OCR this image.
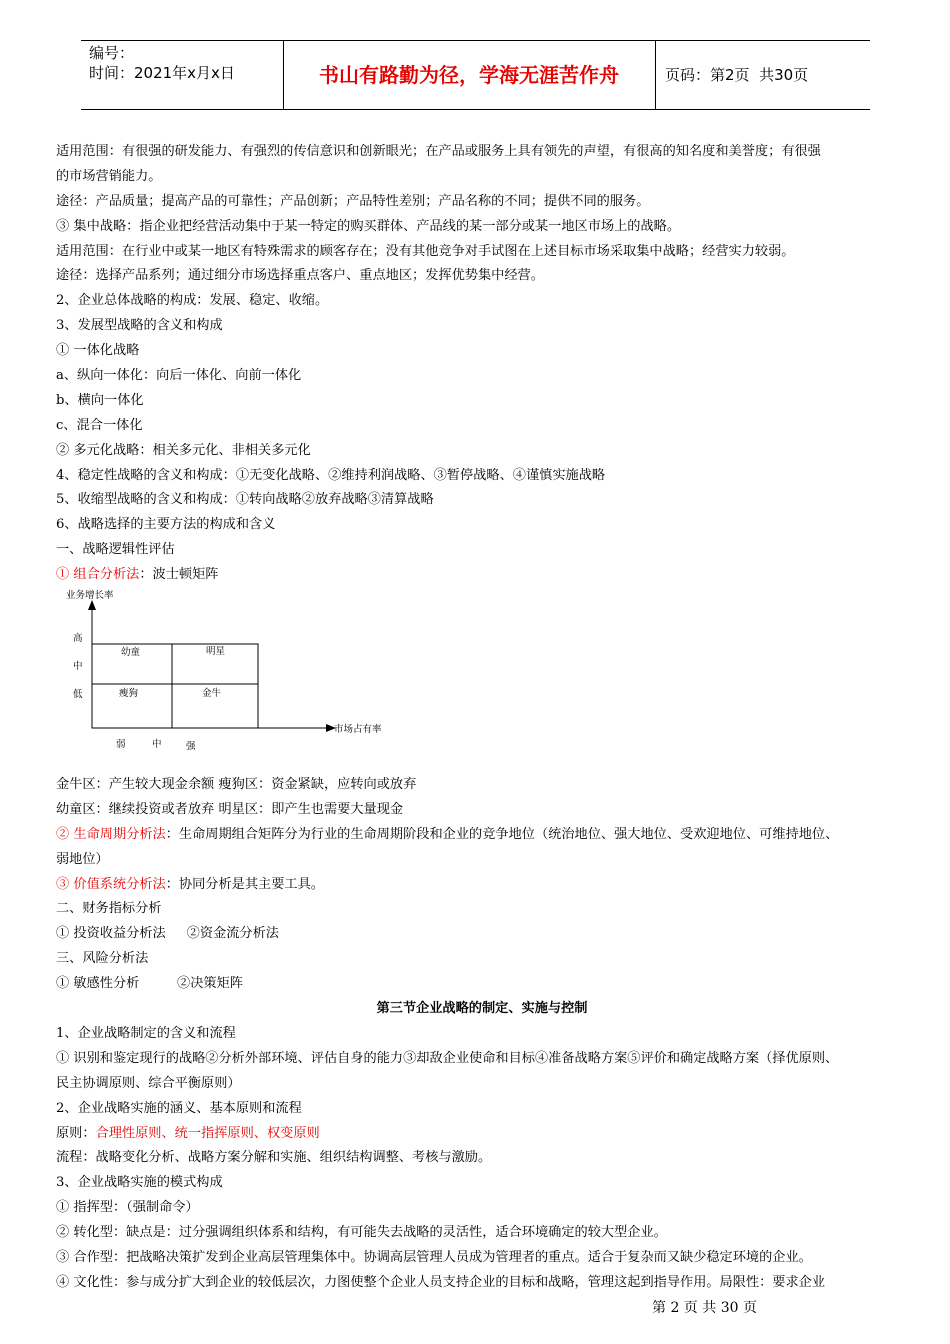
编号：
时间：2021年x月x日	书山有路勤为径，学海无涯苦作舟	页码：第2页  共30页
适用范围：有很强的研发能力、有强烈的传信意识和创新眼光；在产品或服务上具有领先的声望，有很高的知名度和美誉度；有很强
的市场营销能力。
途径：产品质量；提高产品的可靠性；产品创新；产品特性差别；产品名称的不同；提供不同的服务。
③ 集中战略：指企业把经营活动集中于某一特定的购买群体、产品线的某一部分或某一地区市场上的战略。
适用范围：在行业中或某一地区有特殊需求的顾客存在；没有其他竞争对手试图在上述目标市场采取集中战略；经营实力较弱。
途径：选择产品系列；通过细分市场选择重点客户、重点地区；发挥优势集中经营。
2、企业总体战略的构成：发展、稳定、收缩。
3、发展型战略的含义和构成
① 一体化战略
a、纵向一体化：向后一体化、向前一体化
b、横向一体化
c、混合一体化
② 多元化战略：相关多元化、非相关多元化
4、稳定性战略的含义和构成：①无变化战略、②维持利润战略、③暂停战略、④谨慎实施战略
5、收缩型战略的含义和构成：①转向战略②放弃战略③清算战略
6、战略选择的主要方法的构成和含义
一、战略逻辑性评估
① 组合分析法：波士顿矩阵
业务增长率
市场占有率
高
中
低
弱	中	强
幼童	明星
瘦狗	金牛
金牛区：产生较大现金余额 瘦狗区：资金紧缺，应转向或放弃
幼童区：继续投资或者放弃 明星区：即产生也需要大量现金
② 生命周期分析法：生命周期组合矩阵分为行业的生命周期阶段和企业的竞争地位（统治地位、强大地位、受欢迎地位、可维持地位、
弱地位）
③ 价值系统分析法：协同分析是其主要工具。
二、财务指标分析
① 投资收益分析法     ②资金流分析法
三、风险分析法
① 敏感性分析         ②决策矩阵
第三节企业战略的制定、实施与控制
1、企业战略制定的含义和流程
① 识别和鉴定现行的战略②分析外部环境、评估自身的能力③却敌企业使命和目标④准备战略方案⑤评价和确定战略方案（择优原则、
民主协调原则、综合平衡原则）
2、企业战略实施的涵义、基本原则和流程
原则：合理性原则、统一指挥原则、权变原则
流程：战略变化分析、战略方案分解和实施、组织结构调整、考核与激励。
3、企业战略实施的模式构成
① 指挥型：（强制命令）
② 转化型：缺点是：过分强调组织体系和结构，有可能失去战略的灵活性，适合环境确定的较大型企业。
③ 合作型：把战略决策扩发到企业高层管理集体中。协调高层管理人员成为管理者的重点。适合于复杂而又缺少稳定环境的企业。
④ 文化性：参与成分扩大到企业的较低层次，力图使整个企业人员支持企业的目标和战略，管理这起到指导作用。局限性：要求企业
第 2 页 共 30 页
